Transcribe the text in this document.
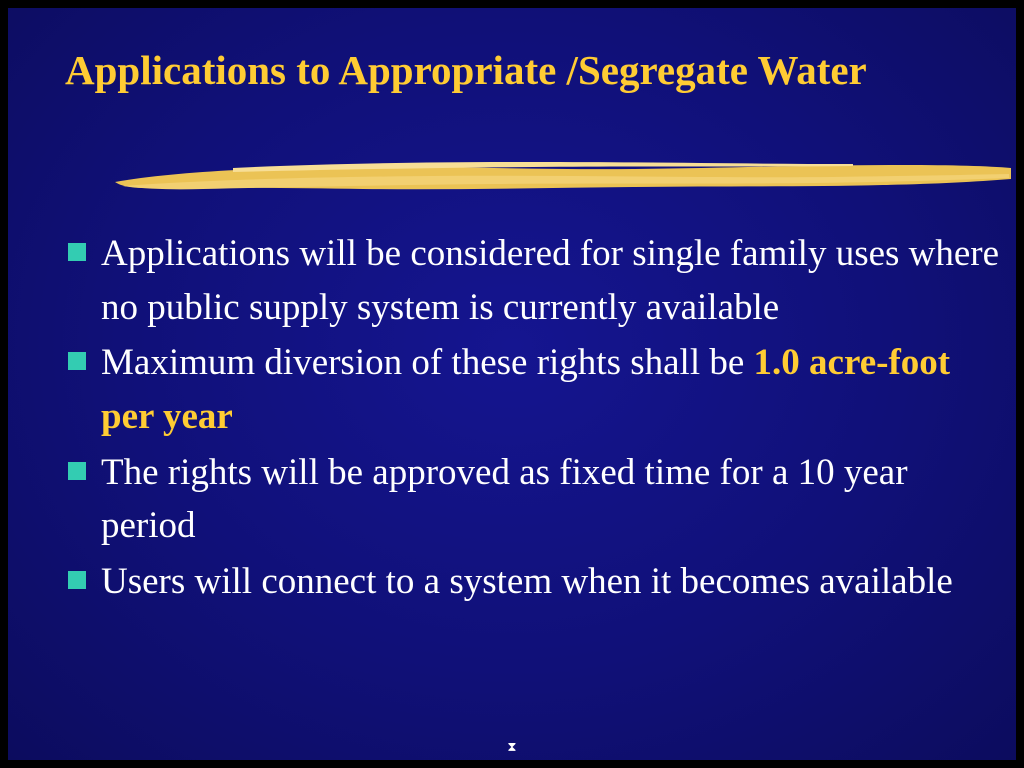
Applications to Appropriate /Segregate Water
Applications will be considered for single family uses where no public supply system is currently available
Maximum diversion of these rights shall be 1.0 acre-foot per year
The rights will be approved as fixed time for a 10 year period
Users will connect to a system when it becomes available
⧗
